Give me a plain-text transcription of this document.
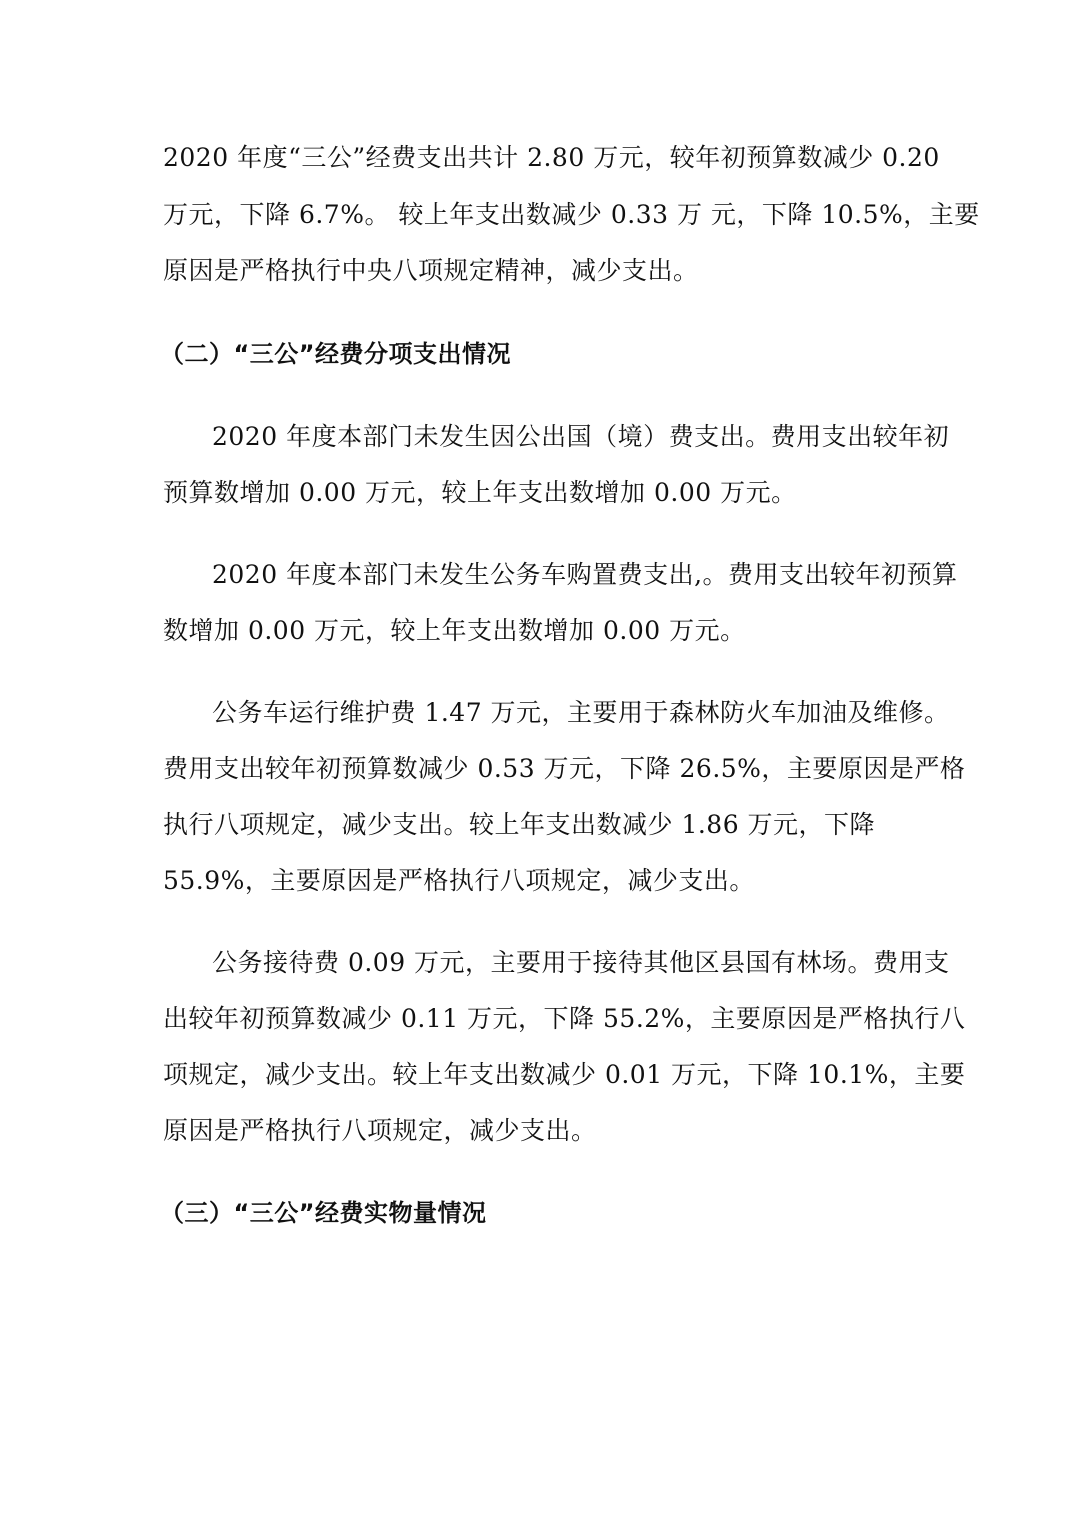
2020 年度“三公”经费支出共计 2.80 万元，较年初预算数减少 0.20
万元，下降 6.7%。 较上年支出数减少 0.33 万 元，下降 10.5%，主要
原因是严格执行中央八项规定精神，减少支出。
（二）“三公”经费分项支出情况
2020 年度本部门未发生因公出国（境）费支出。费用支出较年初
预算数增加 0.00 万元，较上年支出数增加 0.00 万元。
2020 年度本部门未发生公务车购置费支出,。费用支出较年初预算
数增加 0.00 万元，较上年支出数增加 0.00 万元。
公务车运行维护费 1.47 万元，主要用于森林防火车加油及维修。
费用支出较年初预算数减少 0.53 万元，下降 26.5%，主要原因是严格
执行八项规定，减少支出。较上年支出数减少 1.86 万元，下降
55.9%，主要原因是严格执行八项规定，减少支出。
公务接待费 0.09 万元，主要用于接待其他区县国有林场。费用支
出较年初预算数减少 0.11 万元，下降 55.2%，主要原因是严格执行八
项规定，减少支出。较上年支出数减少 0.01 万元，下降 10.1%，主要
原因是严格执行八项规定，减少支出。
（三）“三公”经费实物量情况
